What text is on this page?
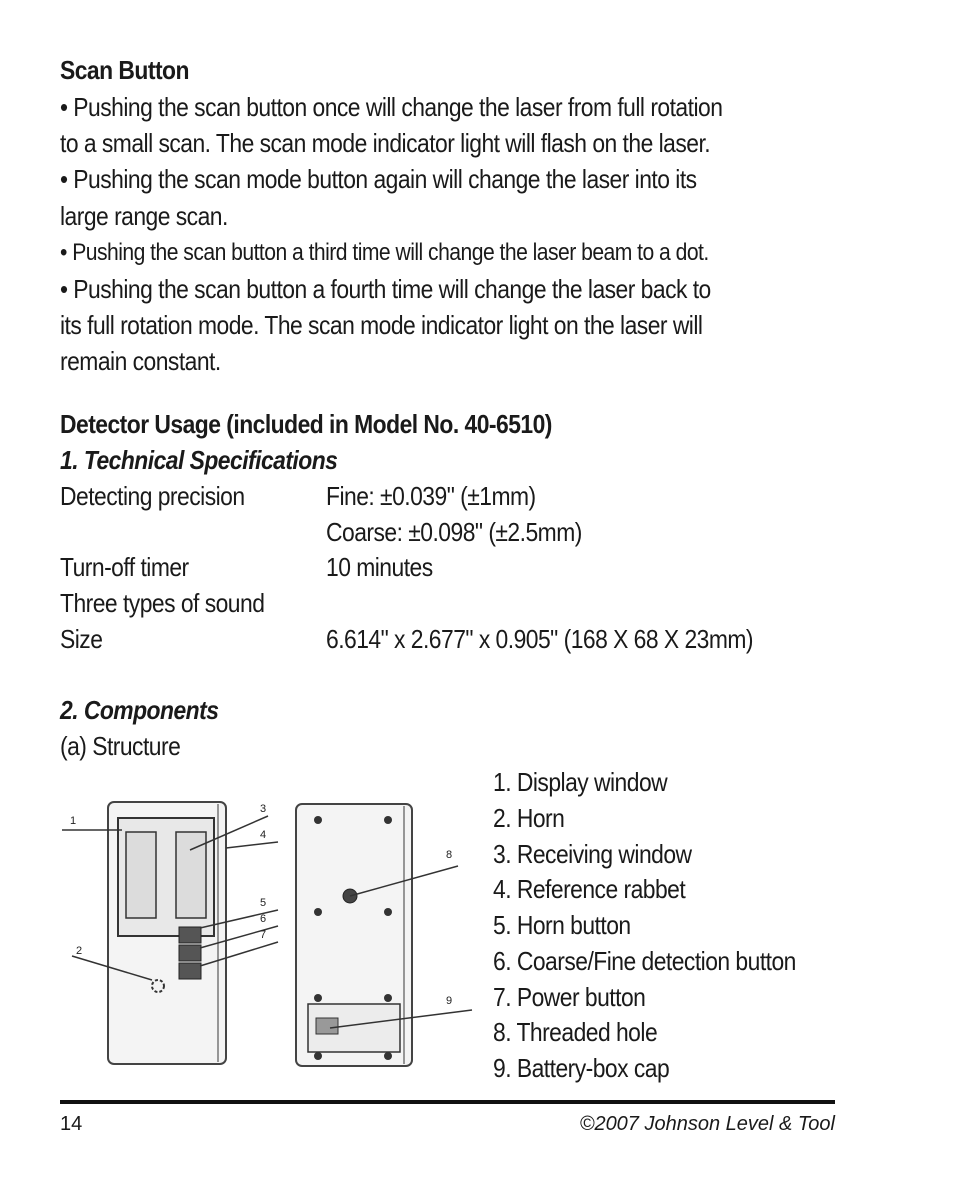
Scan Button
• Pushing the scan button once will change the laser from full rotation
to a small scan. The scan mode indicator light will flash on the laser.
• Pushing the scan mode button again will change the laser into its
large range scan.
• Pushing the scan button a third time will change the laser beam to a dot.
• Pushing the scan button a fourth time will change the laser back to
its full rotation mode. The scan mode indicator light on the laser will
remain constant.
Detector Usage (included in Model No. 40-6510)
1. Technical Specifications
Detecting precision	Fine: ±0.039" (±1mm)
Coarse: ±0.098" (±2.5mm)
Turn-off timer	10 minutes
Three types of sound
Size	6.614" x 2.677" x 0.905" (168 X 68 X 23mm)
2. Components
(a) Structure
1. Display window
2. Horn
3. Receiving window
4. Reference rabbet
5. Horn button
6. Coarse/Fine detection button
7. Power button
8. Threaded hole
9. Battery-box cap
1
2
3
4
5
6
7
8
9
14	©2007 Johnson Level & Tool
